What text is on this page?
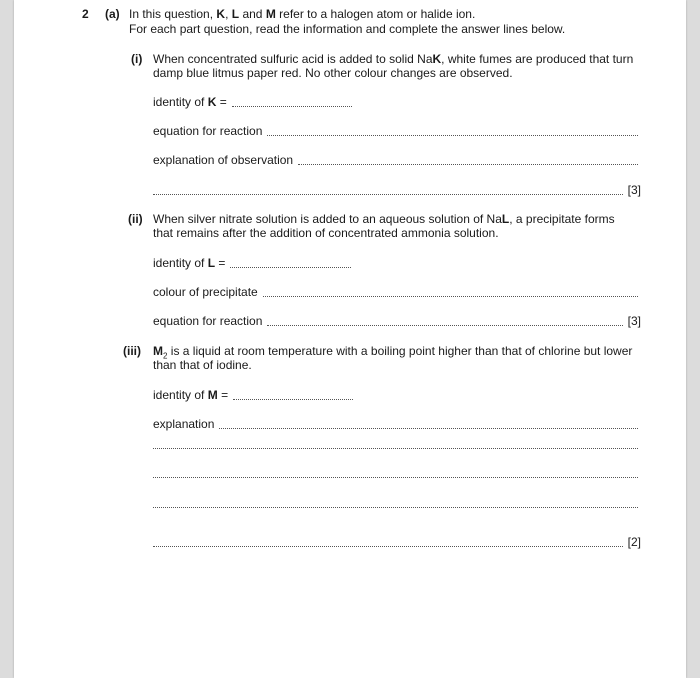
2 (a) In this question, K, L and M refer to a halogen atom or halide ion.
For each part question, read the information and complete the answer lines below.
(i) When concentrated sulfuric acid is added to solid NaK, white fumes are produced that turn
damp blue litmus paper red. No other colour changes are observed.
identity of K =
equation for reaction
explanation of observation
[3]
(ii) When silver nitrate solution is added to an aqueous solution of NaL, a precipitate forms
that remains after the addition of concentrated ammonia solution.
identity of L =
colour of precipitate
equation for reaction	[3]
(iii) $M_2$ is a liquid at room temperature with a boiling point higher than that of chlorine but lower
than that of iodine.
identity of M =
explanation
[2]
